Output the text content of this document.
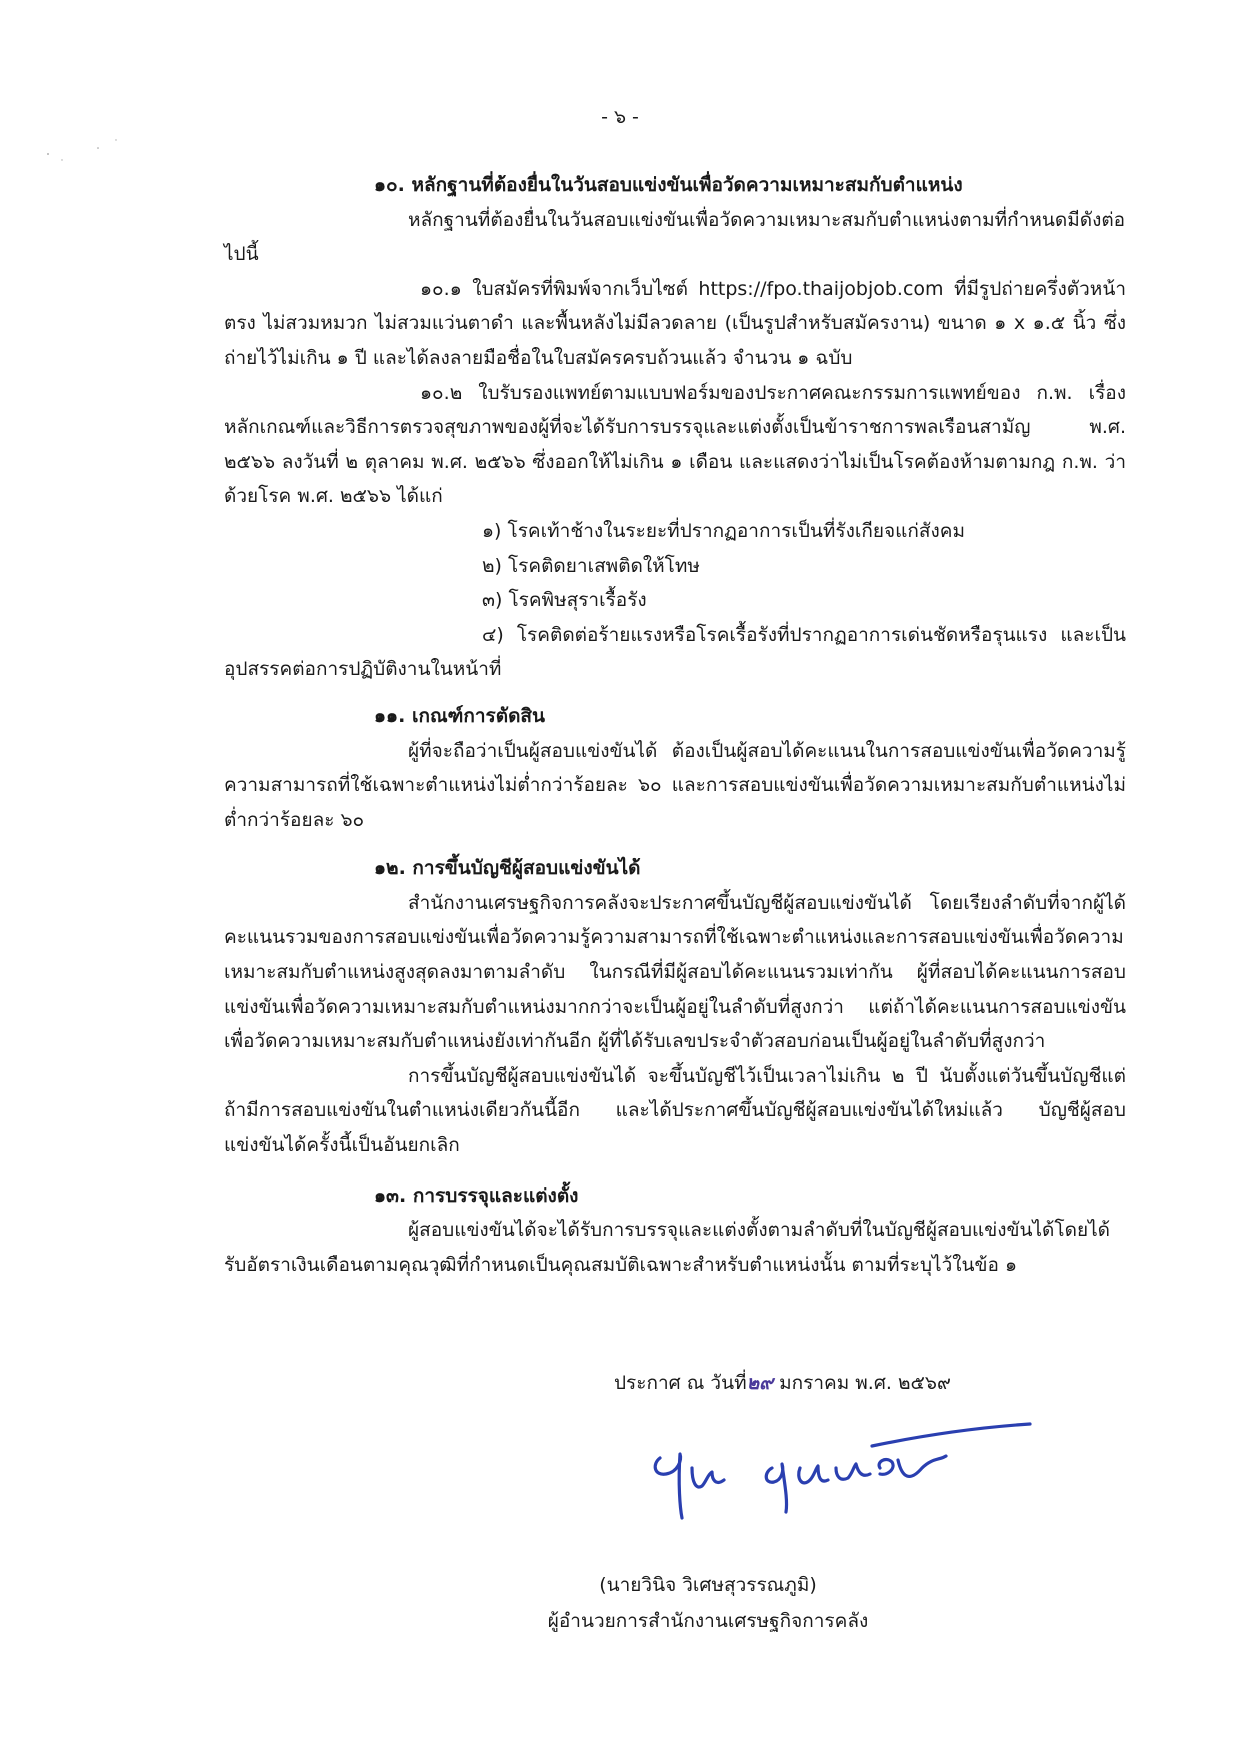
- ๖ -

๑๐. หลักฐานที่ต้องยื่นในวันสอบแข่งขันเพื่อวัดความเหมาะสมกับตำแหน่ง

หลักฐานที่ต้องยื่นในวันสอบแข่งขันเพื่อวัดความเหมาะสมกับตำแหน่งตามที่กำหนดมีดังต่อไปนี้

๑๐.๑ ใบสมัครที่พิมพ์จากเว็บไซต์ https://fpo.thaijobjob.com ที่มีรูปถ่ายครึ่งตัวหน้าตรง ไม่สวมหมวก ไม่สวมแว่นตาดำ และพื้นหลังไม่มีลวดลาย (เป็นรูปสำหรับสมัครงาน) ขนาด ๑ x ๑.๕ นิ้ว ซึ่งถ่ายไว้ไม่เกิน ๑ ปี และได้ลงลายมือชื่อในใบสมัครครบถ้วนแล้ว จำนวน ๑ ฉบับ

๑๐.๒ ใบรับรองแพทย์ตามแบบฟอร์มของประกาศคณะกรรมการแพทย์ของ ก.พ. เรื่อง หลักเกณฑ์และวิธีการตรวจสุขภาพของผู้ที่จะได้รับการบรรจุและแต่งตั้งเป็นข้าราชการพลเรือนสามัญ พ.ศ. ๒๕๖๖ ลงวันที่ ๒ ตุลาคม พ.ศ. ๒๕๖๖ ซึ่งออกให้ไม่เกิน ๑ เดือน และแสดงว่าไม่เป็นโรคต้องห้ามตามกฎ ก.พ. ว่าด้วยโรค พ.ศ. ๒๕๖๖ ได้แก่

๑) โรคเท้าช้างในระยะที่ปรากฏอาการเป็นที่รังเกียจแก่สังคม

๒) โรคติดยาเสพติดให้โทษ

๓) โรคพิษสุราเรื้อรัง

๔) โรคติดต่อร้ายแรงหรือโรคเรื้อรังที่ปรากฏอาการเด่นชัดหรือรุนแรง และเป็นอุปสรรคต่อการปฏิบัติงานในหน้าที่

๑๑. เกณฑ์การตัดสิน

ผู้ที่จะถือว่าเป็นผู้สอบแข่งขันได้ ต้องเป็นผู้สอบได้คะแนนในการสอบแข่งขันเพื่อวัดความรู้ความสามารถที่ใช้เฉพาะตำแหน่งไม่ต่ำกว่าร้อยละ ๖๐ และการสอบแข่งขันเพื่อวัดความเหมาะสมกับตำแหน่งไม่ต่ำกว่าร้อยละ ๖๐

๑๒. การขึ้นบัญชีผู้สอบแข่งขันได้

สำนักงานเศรษฐกิจการคลังจะประกาศขึ้นบัญชีผู้สอบแข่งขันได้ โดยเรียงลำดับที่จากผู้ได้คะแนนรวมของการสอบแข่งขันเพื่อวัดความรู้ความสามารถที่ใช้เฉพาะตำแหน่งและการสอบแข่งขันเพื่อวัดความเหมาะสมกับตำแหน่งสูงสุดลงมาตามลำดับ ในกรณีที่มีผู้สอบได้คะแนนรวมเท่ากัน ผู้ที่สอบได้คะแนนการสอบแข่งขันเพื่อวัดความเหมาะสมกับตำแหน่งมากกว่าจะเป็นผู้อยู่ในลำดับที่สูงกว่า แต่ถ้าได้คะแนนการสอบแข่งขันเพื่อวัดความเหมาะสมกับตำแหน่งยังเท่ากันอีก ผู้ที่ได้รับเลขประจำตัวสอบก่อนเป็นผู้อยู่ในลำดับที่สูงกว่า

การขึ้นบัญชีผู้สอบแข่งขันได้ จะขึ้นบัญชีไว้เป็นเวลาไม่เกิน ๒ ปี นับตั้งแต่วันขึ้นบัญชีแต่ถ้ามีการสอบแข่งขันในตำแหน่งเดียวกันนี้อีก และได้ประกาศขึ้นบัญชีผู้สอบแข่งขันได้ใหม่แล้ว บัญชีผู้สอบแข่งขันได้ครั้งนี้เป็นอันยกเลิก

๑๓. การบรรจุและแต่งตั้ง

ผู้สอบแข่งขันได้จะได้รับการบรรจุและแต่งตั้งตามลำดับที่ในบัญชีผู้สอบแข่งขันได้โดยได้รับอัตราเงินเดือนตามคุณวุฒิที่กำหนดเป็นคุณสมบัติเฉพาะสำหรับตำแหน่งนั้น ตามที่ระบุไว้ในข้อ ๑

ประกาศ ณ วันที่๒๙ มกราคม พ.ศ. ๒๕๖๙
(นายวินิจ วิเศษสุวรรณภูมิ)
ผู้อำนวยการสำนักงานเศรษฐกิจการคลัง
